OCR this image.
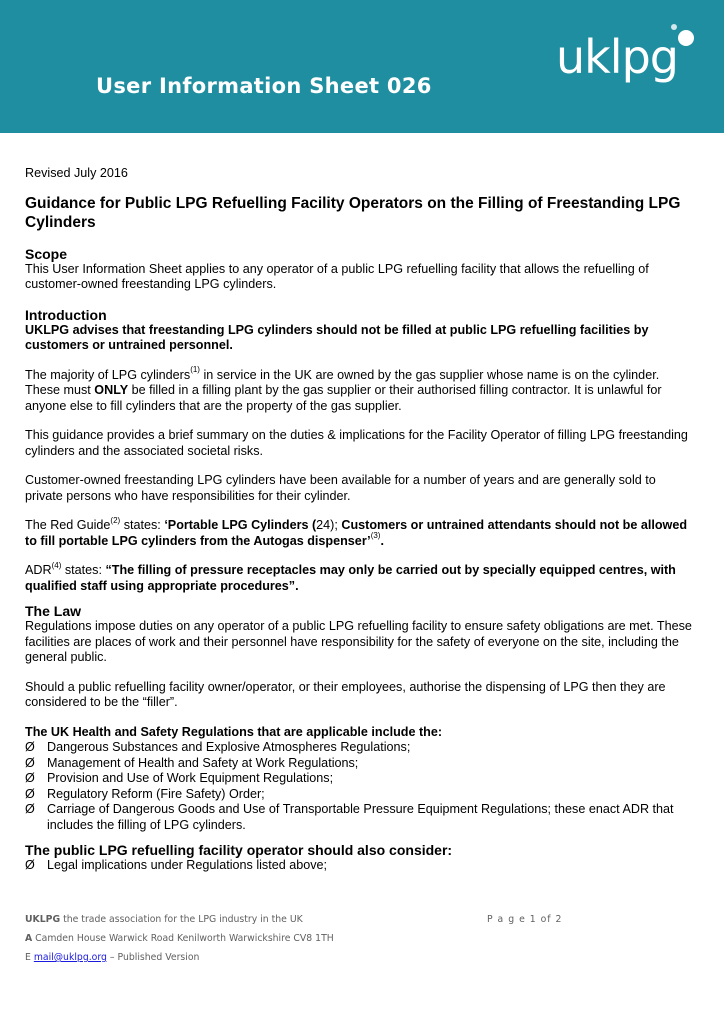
User Information Sheet 026
uklpg

Revised July 2016

Guidance for Public LPG Refuelling Facility Operators on the Filling of Freestanding LPG Cylinders
Scope

This User Information Sheet applies to any operator of a public LPG refuelling facility that allows the refuelling of customer-owned freestanding LPG cylinders.

Introduction

UKLPG advises that freestanding LPG cylinders should not be filled at public LPG refuelling facilities by customers or untrained personnel.

The majority of LPG cylinders$^{(1)}$ in service in the UK are owned by the gas supplier whose name is on the cylinder. These must ONLY be filled in a filling plant by the gas supplier or their authorised filling contractor. It is unlawful for anyone else to fill cylinders that are the property of the gas supplier.

This guidance provides a brief summary on the duties & implications for the Facility Operator of filling LPG freestanding cylinders and the associated societal risks.

Customer-owned freestanding LPG cylinders have been available for a number of years and are generally sold to private persons who have responsibilities for their cylinder.

The Red Guide$^{(2)}$ states: ‘Portable LPG Cylinders (24); Customers or untrained attendants should not be allowed to fill portable LPG cylinders from the Autogas dispenser’$^{(3)}$.

ADR$^{(4)}$ states: “The filling of pressure receptacles may only be carried out by specially equipped centres, with qualified staff using appropriate procedures”.

The Law

Regulations impose duties on any operator of a public LPG refuelling facility to ensure safety obligations are met. These facilities are places of work and their personnel have responsibility for the safety of everyone on the site, including the general public.

Should a public refuelling facility owner/operator, or their employees, authorise the dispensing of LPG then they are considered to be the “filler”.

The UK Health and Safety Regulations that are applicable include the:

Ø Dangerous Substances and Explosive Atmospheres Regulations;
Ø Management of Health and Safety at Work Regulations;
Ø Provision and Use of Work Equipment Regulations;
Ø Regulatory Reform (Fire Safety) Order;
Ø Carriage of Dangerous Goods and Use of Transportable Pressure Equipment Regulations; these enact ADR that includes the filling of LPG cylinders.
The public LPG refuelling facility operator should also consider:
Ø Legal implications under Regulations listed above;
UKLPG the trade association for the LPG industry in the UK	P a g e 1 of 2
A Camden House Warwick Road Kenilworth Warwickshire CV8 1TH
E mail@uklpg.org – Published Version
